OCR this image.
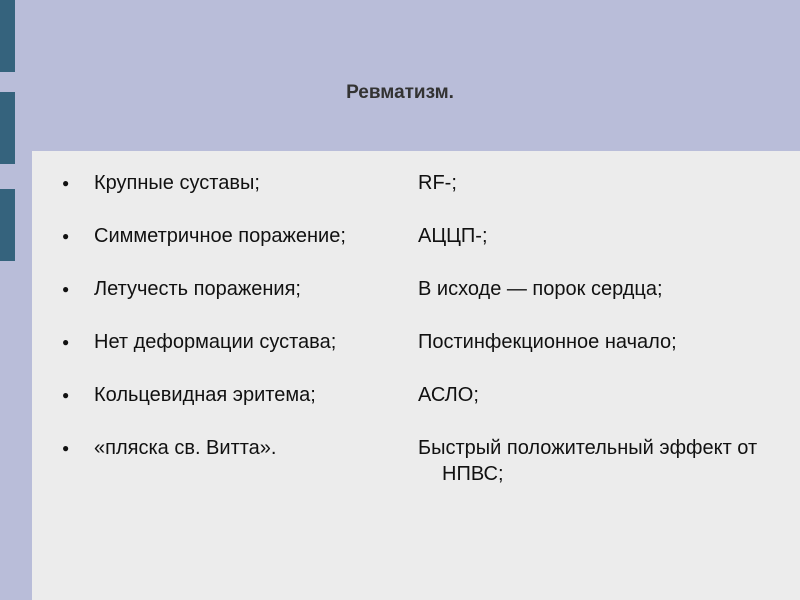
Ревматизм.
● Крупные суставы;
● Симметричное поражение;
● Летучесть поражения;
● Нет деформации сустава;
● Кольцевидная эритема;
● «пляска св. Витта».

RF-;

АЦЦП-;

В исходе — порок сердца;

Постинфекционное начало;

АСЛО;

Быстрый положительный эффект от НПВС;
